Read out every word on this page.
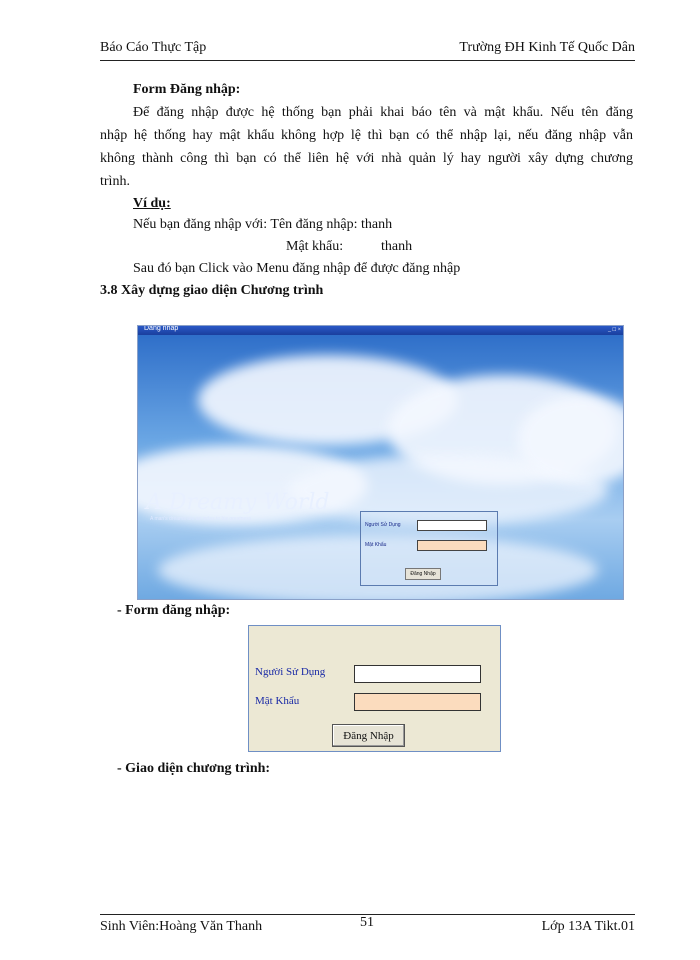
Báo Cáo Thực Tập	Trường ĐH Kinh Tế Quốc Dân
Form Đăng nhập:
Để đăng nhập được hệ thống bạn phải khai báo tên và mật khẩu. Nếu tên đăng
nhập hệ thống hay mật khẩu không hợp lệ thì bạn có thể nhập lại, nếu đăng nhập vẫn
không thành công thì bạn có thể liên hệ với nhà quản lý hay người xây dựng chương
trình.
Ví dụ:
Nếu bạn đăng nhập với: Tên đăng nhập: thanh
Mật khẩu:	thanh
Sau đó bạn Click vào Menu đăng nhập để được đăng nhập
3.8 Xây dựng giao diện Chương trình
Dang nhap	_ □ ×
A Dreamy World
A man's dreams are an index to his greatness
Người Sử Dụng
Mật Khẩu
Đăng Nhập
- Form đăng nhập:
Người Sử Dụng
Mật Khẩu
Đăng Nhập
- Giao diện chương trình:
Sinh Viên:Hoàng Văn Thanh	51	Lớp 13A Tikt.01
